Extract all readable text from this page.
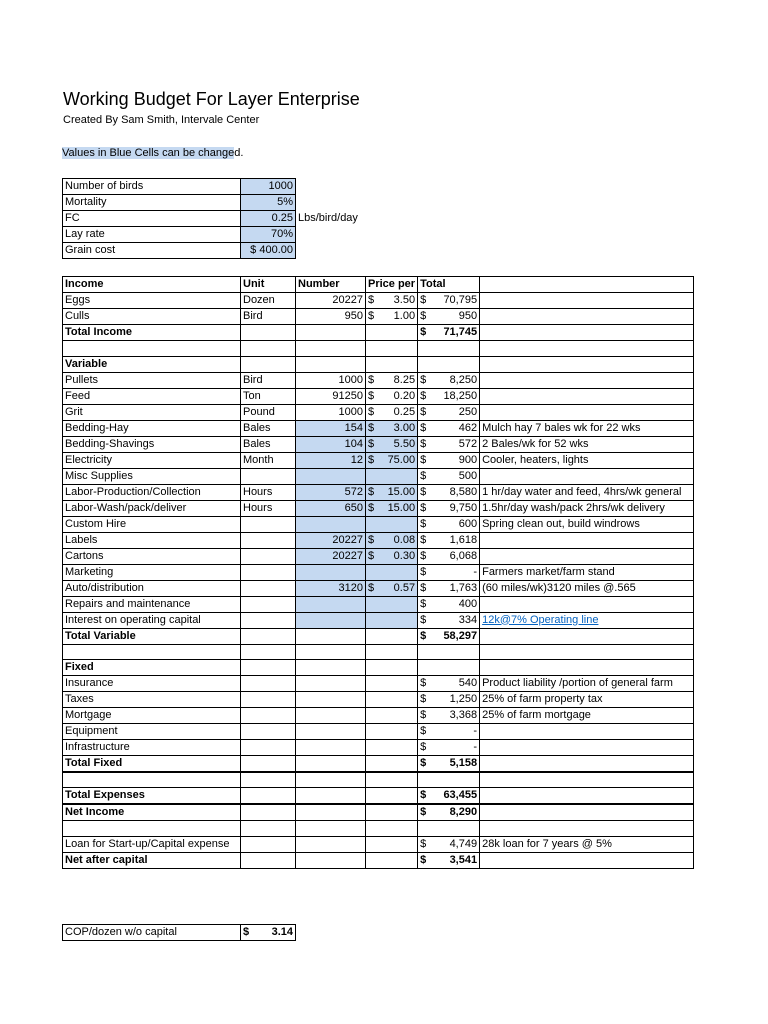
Working Budget For Layer Enterprise
Created By Sam Smith, Intervale Center
Values in Blue Cells can be changed.
Number of birds	1000	
Mortality	5%	
FC	0.25	Lbs/bird/day
Lay rate	70%	
Grain cost	$ 400.00	
Income	Unit	Number	Price per	Total	
Eggs	Dozen	20227	$ 3.50	$ 70,795	

Culls	Bird	950	$ 1.00	$ 950	

Total Income				$ 71,745	

Variable					
Pullets	Bird	1000	$ 8.25	$ 8,250	

Feed	Ton	91250	$ 0.20	$ 18,250	

Grit	Pound	1000	$ 0.25	$ 250	

Bedding-Hay	Bales	154	$ 3.00	$ 462	Mulch hay 7 bales wk for 22 wks
Bedding-Shavings	Bales	104	$ 5.50	$ 572	2 Bales/wk for 52 wks
Electricity	Month	12	$ 75.00	$ 900	Cooler, heaters, lights
Misc Supplies				$ 500	

Labor-Production/Collection	Hours	572	$ 15.00	$ 8,580	1 hr/day water and feed, 4hrs/wk general
Labor-Wash/pack/deliver	Hours	650	$ 15.00	$ 9,750	1.5hr/day wash/pack 2hrs/wk delivery
Custom Hire				$ 600	Spring clean out, build windrows
Labels		20227	$ 0.08	$ 1,618	

Cartons		20227	$ 0.30	$ 6,068	

Marketing				$ -	Farmers market/farm stand
Auto/distribution		3120	$ 0.57	$ 1,763	(60 miles/wk)3120 miles @.565
Repairs and maintenance				$ 400	

Interest on operating capital				$ 334	12k@7% Operating line
Total Variable				$ 58,297	

Fixed					
Insurance				$ 540	Product liability /portion of general farm
Taxes				$ 1,250	25% of farm property tax
Mortgage				$ 3,368	25% of farm mortgage
Equipment				$ -	

Infrastructure				$ -	

Total Fixed				$ 5,158	

Total Expenses				$ 63,455	

Net Income				$ 8,290	

Loan for Start-up/Capital expense				$ 4,749	28k loan for 7 years @ 5%
Net after capital				$ 3,541	

COP/dozen w/o capital	$ 3.14
